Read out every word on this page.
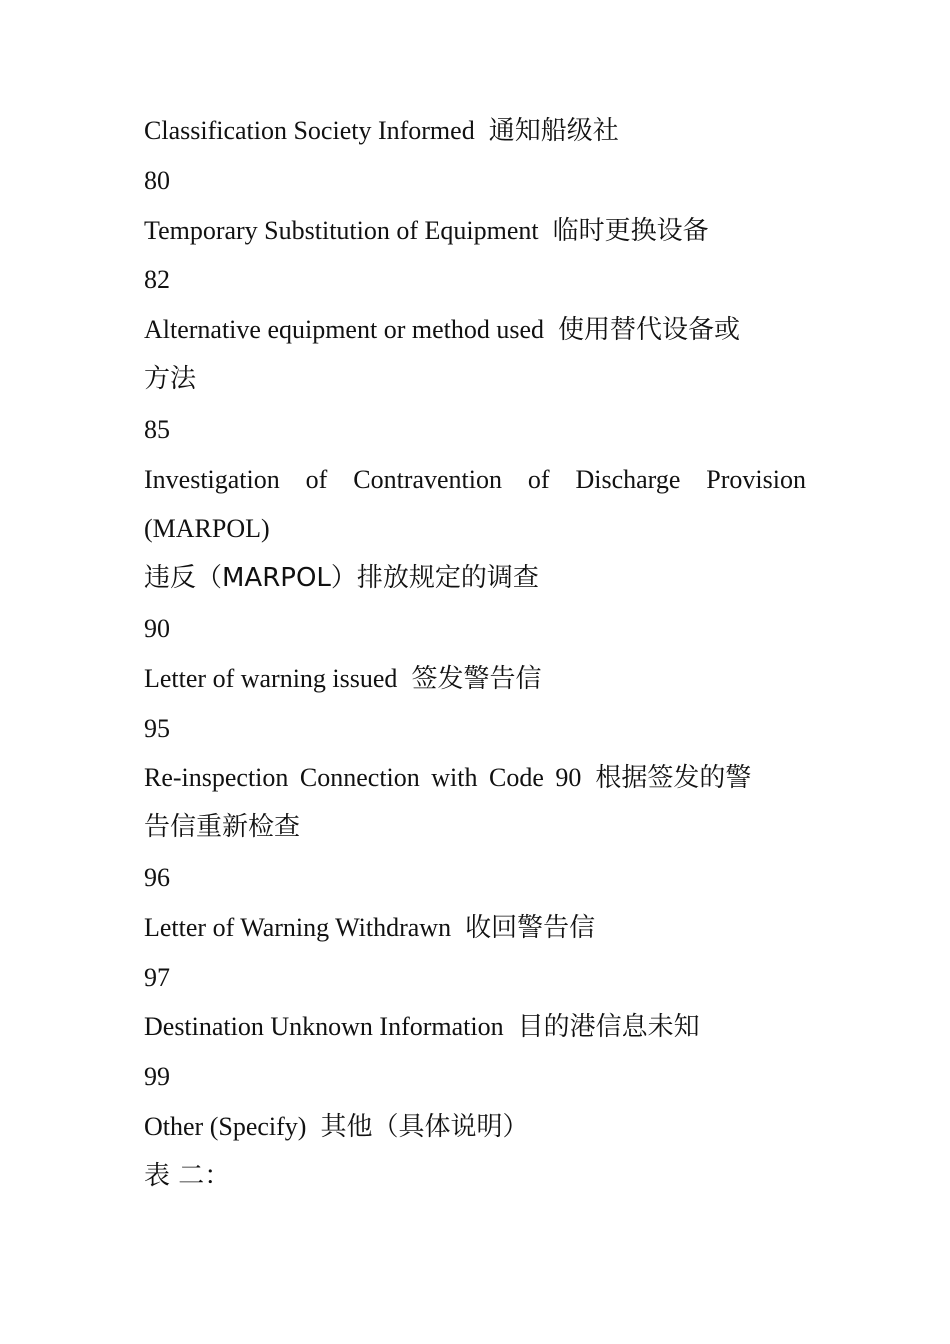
Classification Society Informed 通知船级社
80
Temporary Substitution of Equipment 临时更换设备
82
Alternative equipment or method used 使用替代设备或
方法
85
Investigation of Contravention of Discharge Provision
(MARPOL)
违反（MARPOL）排放规定的调查
90
Letter of warning issued 签发警告信
95
Re-inspection Connection with Code 90 根据签发的警
告信重新检查
96
Letter of Warning Withdrawn 收回警告信
97
Destination Unknown Information 目的港信息未知
99
Other (Specify) 其他（具体说明）
表 二：
